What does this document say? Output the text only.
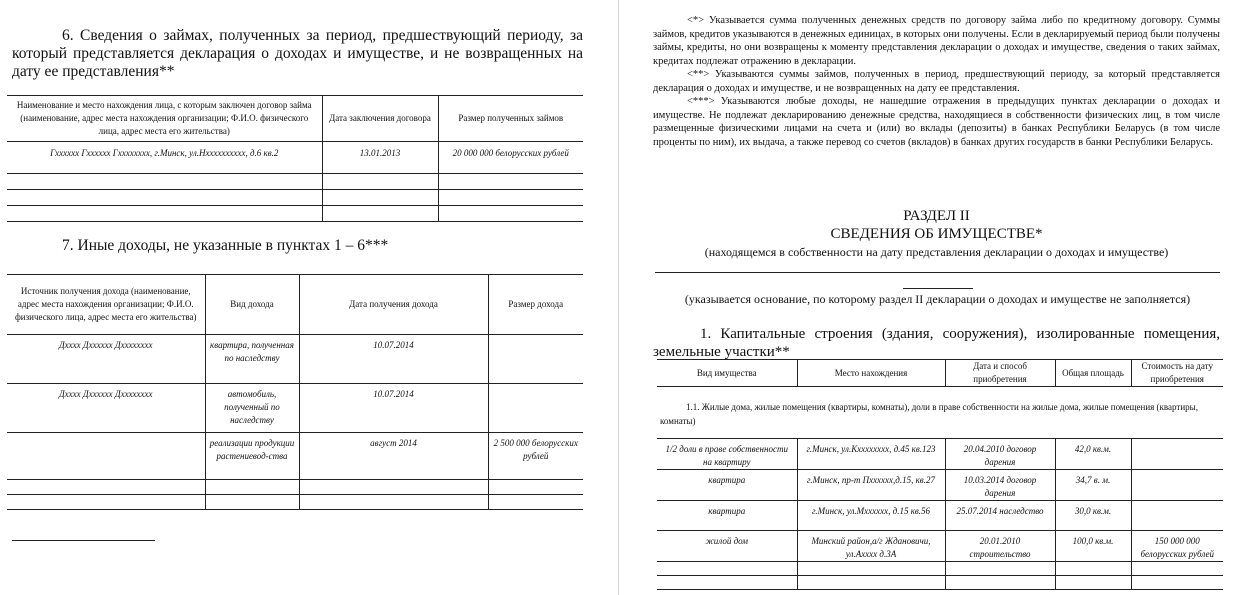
6. Сведения о займах, полученных за период, предшествующий периоду, за который представляется декларация о доходах и имуществе, и не возвращенных на дату ее представления**

Наименование и место нахождения лица, с которым заключен договор займа (наименование, адрес места нахождения организации; Ф.И.О. физического лица, адрес места его жительства)	Дата заключения договора	Размер полученных займов
Гхххххх Гхххххх Гхххххххх, г.Минск, ул.Нхххххххххх, д.6 кв.2	13.01.2013	20 000 000 белорусских рублей

7. Иные доходы, не указанные в пунктах 1 – 6***

Источник получения дохода (наименование, адрес места нахождения организации; Ф.И.О. физического лица, адрес места его жительства)	Вид дохода	Дата получения дохода	Размер дохода
Дхххх Дхххххх Дхххххххх	квартира, полученная по наследству	10.07.2014	
Дхххх Дхххххх Дхххххххх	автомобиль, полученный по наследству	10.07.2014	
	реализации продукции растениевод-ства	август 2014	2 500 000 белорусских рублей

<*> Указывается сумма полученных денежных средств по договору займа либо по кредитному договору. Суммы займов, кредитов указываются в денежных единицах, в которых они получены. Если в декларируемый период были получены займы, кредиты, но они возвращены к моменту представления декларации о доходах и имуществе, сведения о таких займах, кредитах подлежат отражению в декларации.

<**> Указываются суммы займов, полученных в период, предшествующий периоду, за который представляется декларация о доходах и имуществе, и не возвращенных на дату ее представления.

<***> Указываются любые доходы, не нашедшие отражения в предыдущих пунктах декларации о доходах и имуществе. Не подлежат декларированию денежные средства, находящиеся в собственности физических лиц, в том числе размещенные физическими лицами на счета и (или) во вклады (депозиты) в банках Республики Беларусь (в том числе проценты по ним), их выдача, а также перевод со счетов (вкладов) в банках других государств в банки Республики Беларусь.

РАЗДЕЛ II

СВЕДЕНИЯ ОБ ИМУЩЕСТВЕ*

(находящемся в собственности на дату представления декларации о доходах и имуществе)

(указывается основание, по которому раздел II декларации о доходах и имуществе не заполняется)

1. Капитальные строения (здания, сооружения), изолированные помещения, земельные участки**

Вид имущества	Место нахождения	Дата и способ приобретения	Общая площадь	Стоимость на дату приобретения
1.1. Жилые дома, жилые помещения (квартиры, комнаты), доли в праве собственности на жилые дома, жилые помещения (квартиры, комнаты)				
1/2 доли в праве собственности на квартиру	г.Минск, ул.Кхххххххх, д.45 кв.123	20.04.2010 договор дарения	42,0 кв.м.	
квартира	г.Минск, пр-т Пхххххх,д.15, кв.27	10.03.2014 договор дарения	34,7 в. м.	
квартира	г.Минск, ул.Мхххххх, д.15 кв.56	25.07.2014 наследство	30,0 кв.м.	
жилой дом	Минский район,а/г Ждановичи, ул.Аxxxx д.3А	20.01.2010 строительство	100,0 кв.м.	150 000 000 белорусских рублей
